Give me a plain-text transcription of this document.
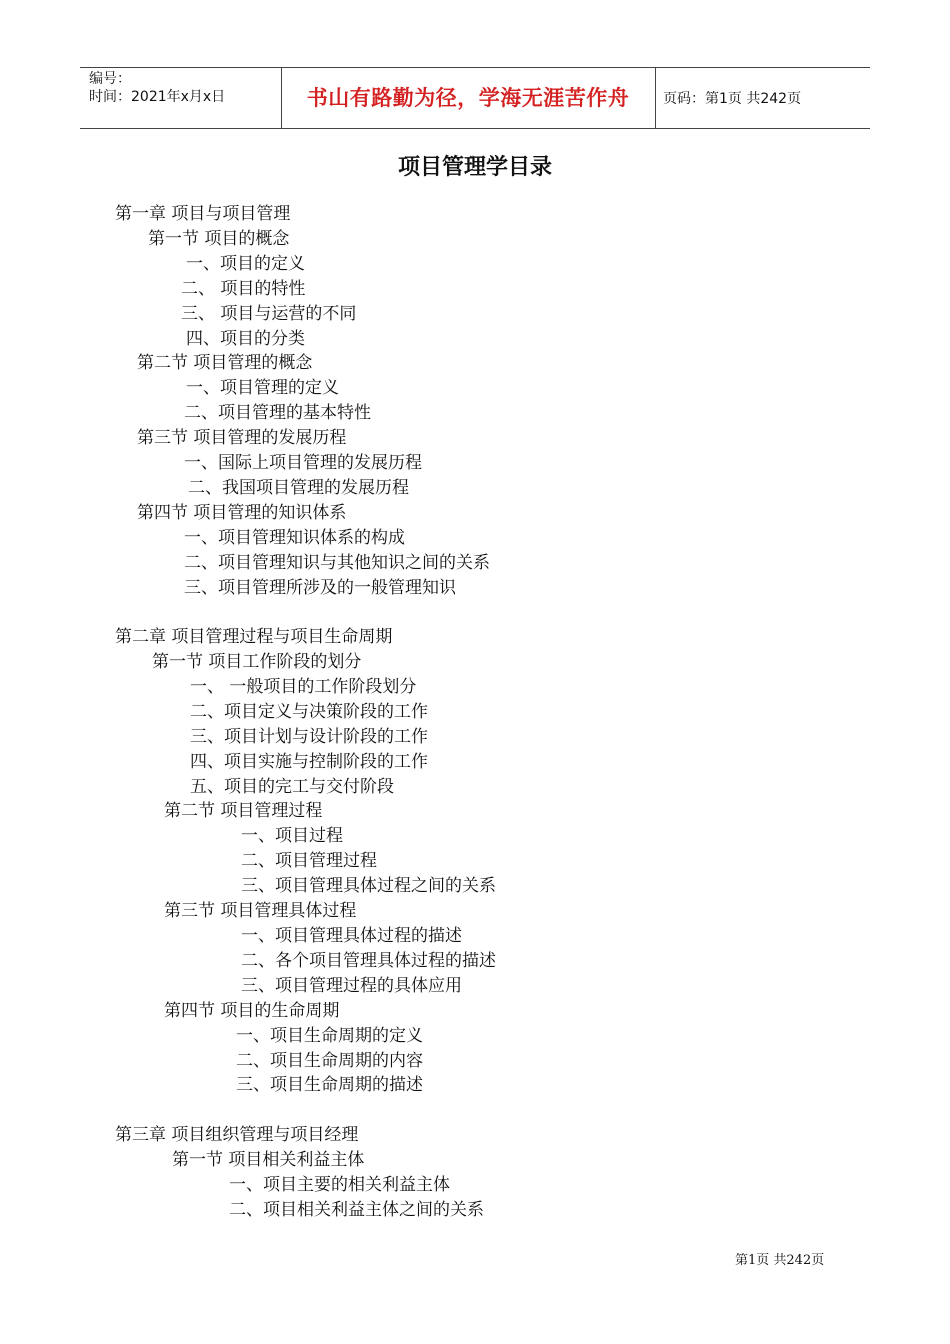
编号：
时间：2021年x月x日	书山有路勤为径，学海无涯苦作舟	页码：第1页 共242页
项目管理学目录
第一章 项目与项目管理
第一节 项目的概念
一、项目的定义
二、 项目的特性
三、 项目与运营的不同
四、项目的分类
第二节 项目管理的概念
一、项目管理的定义
二、项目管理的基本特性
第三节 项目管理的发展历程
一、国际上项目管理的发展历程
二、我国项目管理的发展历程
第四节 项目管理的知识体系
一、项目管理知识体系的构成
二、项目管理知识与其他知识之间的关系
三、项目管理所涉及的一般管理知识
第二章 项目管理过程与项目生命周期
第一节 项目工作阶段的划分
一、 一般项目的工作阶段划分
二、项目定义与决策阶段的工作
三、项目计划与设计阶段的工作
四、项目实施与控制阶段的工作
五、项目的完工与交付阶段
第二节 项目管理过程
一、项目过程
二、项目管理过程
三、项目管理具体过程之间的关系
第三节 项目管理具体过程
一、项目管理具体过程的描述
二、各个项目管理具体过程的描述
三、项目管理过程的具体应用
第四节 项目的生命周期
一、项目生命周期的定义
二、项目生命周期的内容
三、项目生命周期的描述
第三章 项目组织管理与项目经理
第一节 项目相关利益主体
一、项目主要的相关利益主体
二、项目相关利益主体之间的关系
第1页 共242页
